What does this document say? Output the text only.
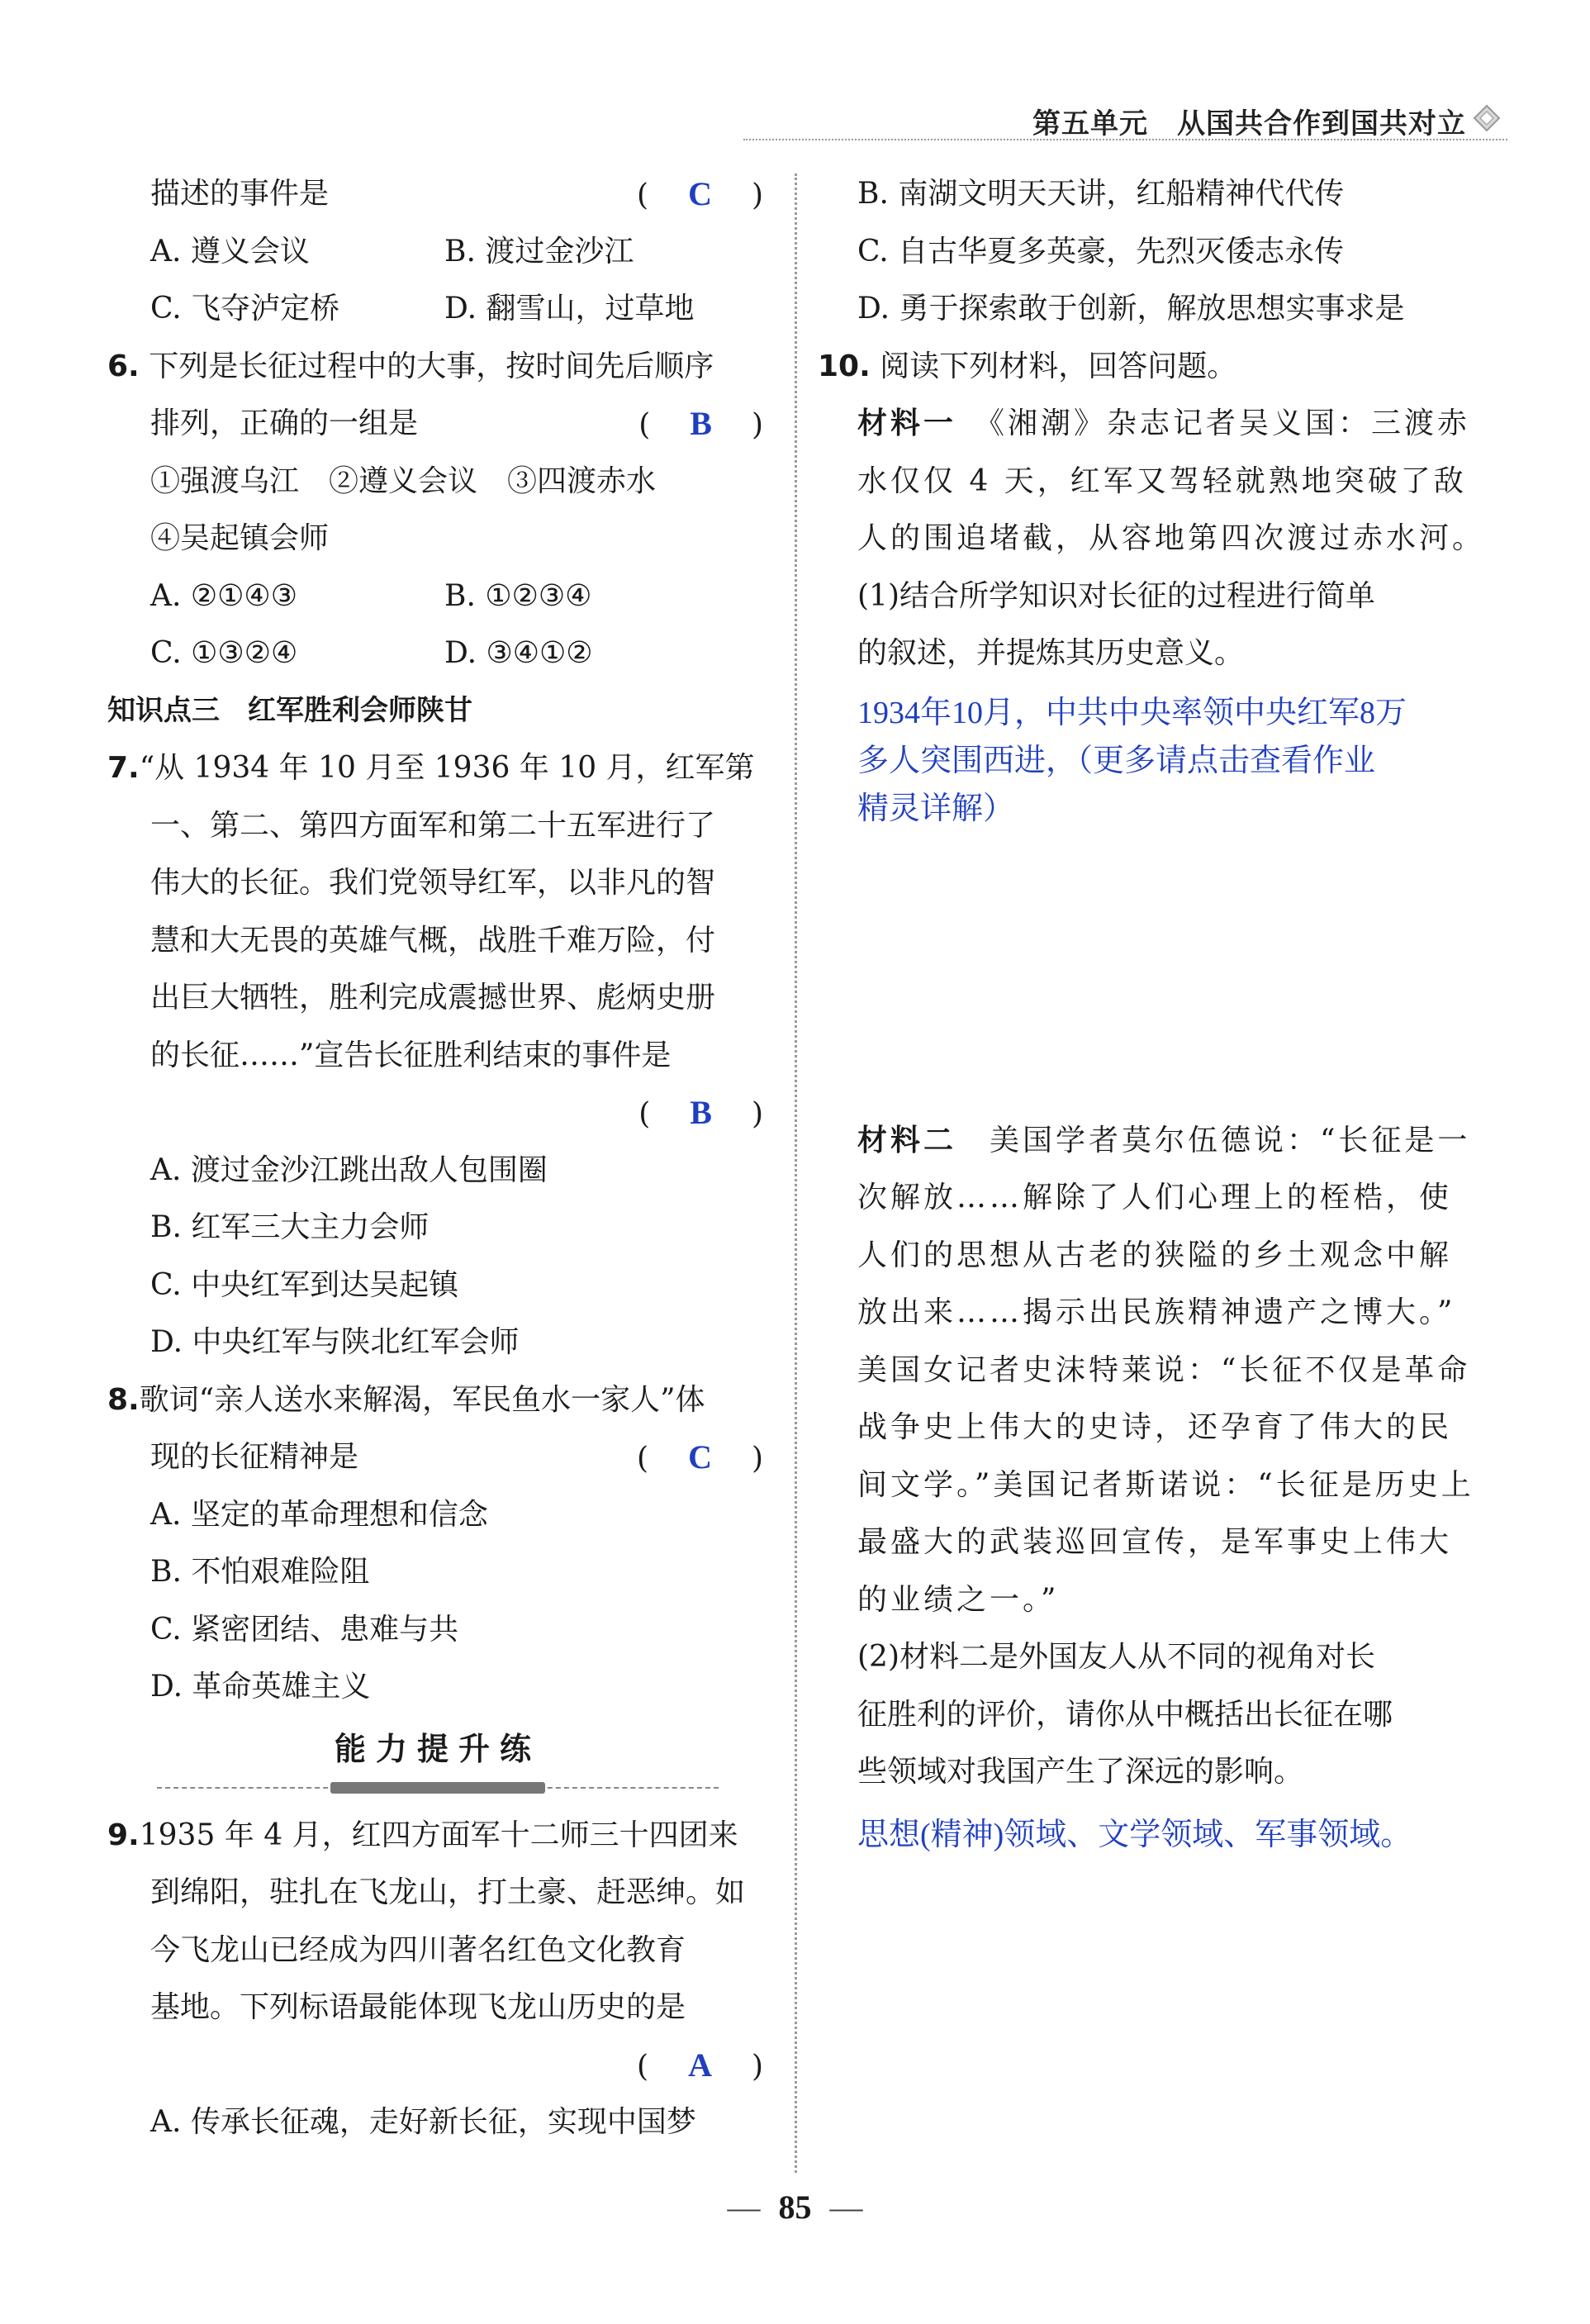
第五单元　从国共合作到国共对立
描述的事件是	(　C　)
A. 遵义会议	B. 渡过金沙江
C. 飞夺泸定桥	D. 翻雪山，过草地
6. 下列是长征过程中的大事，按时间先后顺序
排列，正确的一组是	(　B　)
①强渡乌江　②遵义会议　③四渡赤水
④吴起镇会师
A. ②①④③	B. ①②③④
C. ①③②④	D. ③④①②
知识点三　红军胜利会师陕甘
7.“从 1934 年 10 月至 1936 年 10 月，红军第
一、第二、第四方面军和第二十五军进行了
伟大的长征。我们党领导红军，以非凡的智
慧和大无畏的英雄气概，战胜千难万险，付
出巨大牺牲，胜利完成震撼世界、彪炳史册
的长征……”宣告长征胜利结束的事件是
(　B　)
A. 渡过金沙江跳出敌人包围圈
B. 红军三大主力会师
C. 中央红军到达吴起镇
D. 中央红军与陕北红军会师
8.歌词“亲人送水来解渴，军民鱼水一家人”体
现的长征精神是	(　C　)
A. 坚定的革命理想和信念
B. 不怕艰难险阻
C. 紧密团结、患难与共
D. 革命英雄主义
能力提升练
9.1935 年 4 月，红四方面军十二师三十四团来
到绵阳，驻扎在飞龙山，打土豪、赶恶绅。如
今飞龙山已经成为四川著名红色文化教育
基地。下列标语最能体现飞龙山历史的是
(　A　)
A. 传承长征魂，走好新长征，实现中国梦
B. 南湖文明天天讲，红船精神代代传
C. 自古华夏多英豪，先烈灭倭志永传
D. 勇于探索敢于创新，解放思想实事求是
10. 阅读下列材料，回答问题。
材料一　 《湘潮》杂志记者吴义国：三渡赤
水仅仅 4 天，红军又驾轻就熟地突破了敌
人的围追堵截，从容地第四次渡过赤水河。
(1)结合所学知识对长征的过程进行简单
的叙述，并提炼其历史意义。
1934年10月，中共中央率领中央红军8万
多人突围西进，（更多请点击查看作业
精灵详解）
材料二　 美国学者莫尔伍德说：“长征是一
次解放……解除了人们心理上的桎梏，使
人们的思想从古老的狭隘的乡土观念中解
放出来……揭示出民族精神遗产之博大。”
美国女记者史沫特莱说：“长征不仅是革命
战争史上伟大的史诗，还孕育了伟大的民
间文学。”美国记者斯诺说：“长征是历史上
最盛大的武装巡回宣传，是军事史上伟大
的业绩之一。”
(2)材料二是外国友人从不同的视角对长
征胜利的评价，请你从中概括出长征在哪
些领域对我国产生了深远的影响。
思想(精神)领域、文学领域、军事领域。
— 85 —
